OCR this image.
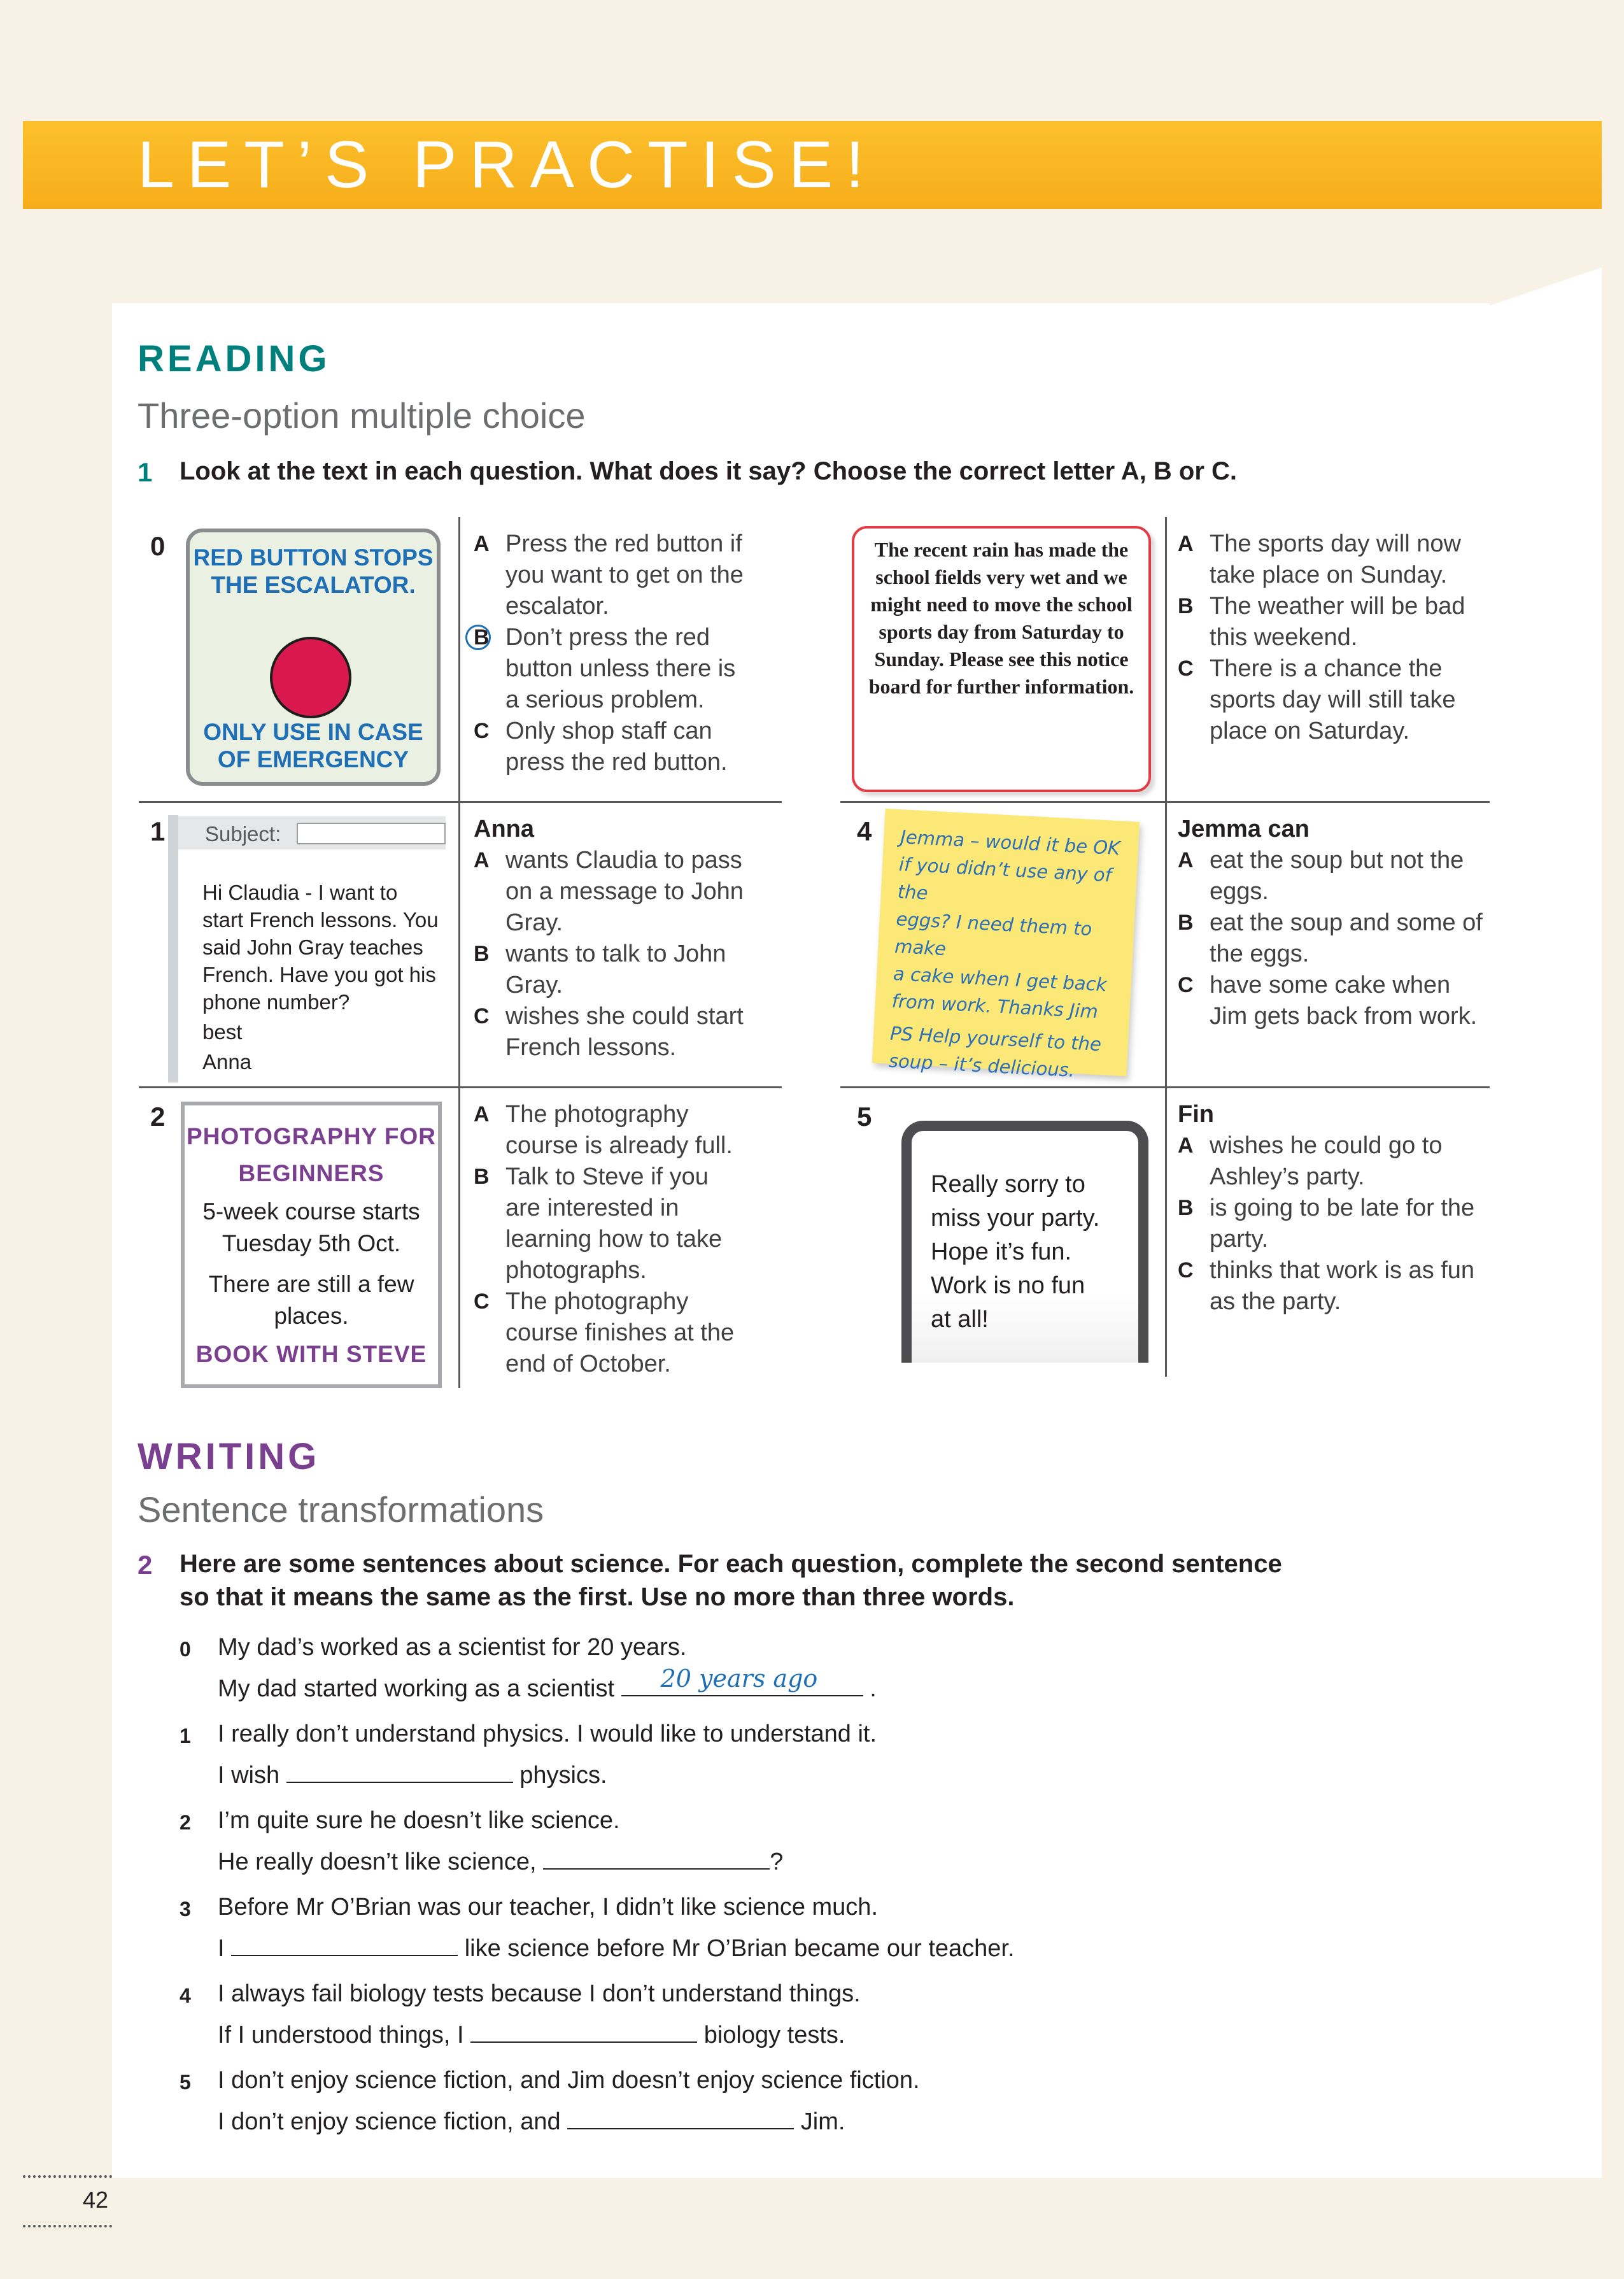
LET’S PRACTISE!
READING
Three-option multiple choice
1 Look at the text in each question. What does it say? Choose the correct letter A, B or C.
0 RED BUTTON STOPS THE ESCALATOR.
ONLY USE IN CASE OF EMERGENCY
A Press the red button if you want to get on the escalator.
B Don’t press the red button unless there is a serious problem.
C Only shop staff can press the red button.
1 Subject:
Hi Claudia - I want to
start French lessons. You
said John Gray teaches
French. Have you got his
phone number?
best
Anna
Anna
A wants Claudia to pass on a message to John Gray.
B wants to talk to John Gray.
C wishes she could start French lessons.
2
PHOTOGRAPHY FOR BEGINNERS
5-week course starts Tuesday 5th Oct.
There are still a few places.
BOOK WITH STEVE
A The photography course is already full.
B Talk to Steve if you are interested in learning how to take photographs.
C The photography course finishes at the end of October.
The recent rain has made the school fields very wet and we might need to move the school sports day from Saturday to Sunday. Please see this notice board for further information.
A The sports day will now take place on Sunday.
B The weather will be bad this weekend.
C There is a chance the sports day will still take place on Saturday.
4 Jemma – would it be OK
if you didn’t use any of the
eggs? I need them to make
a cake when I get back
from work. Thanks Jim
PS Help yourself to the
soup – it’s delicious.
Jemma can
A eat the soup but not the eggs.
B eat the soup and some of the eggs.
C have some cake when Jim gets back from work.
5
Really sorry to
miss your party.
Hope it’s fun.
Work is no fun
at all!
Fin
A wishes he could go to Ashley’s party.
B is going to be late for the party.
C thinks that work is as fun as the party.
WRITING
Sentence transformations
2 Here are some sentences about science. For each question, complete the second sentence
so that it means the same as the first. Use no more than three words.
0 My dad’s worked as a scientist for 20 years.
My dad started working as a scientist 20 years ago .
1 I really don’t understand physics. I would like to understand it.
I wish	physics.
2 I’m quite sure he doesn’t like science.
He really doesn’t like science,	?
3 Before Mr O’Brian was our teacher, I didn’t like science much.
I	like science before Mr O’Brian became our teacher.
4 I always fail biology tests because I don’t understand things.
If I understood things, I	biology tests.
5 I don’t enjoy science fiction, and Jim doesn’t enjoy science fiction.
I don’t enjoy science fiction, and	Jim.
42
